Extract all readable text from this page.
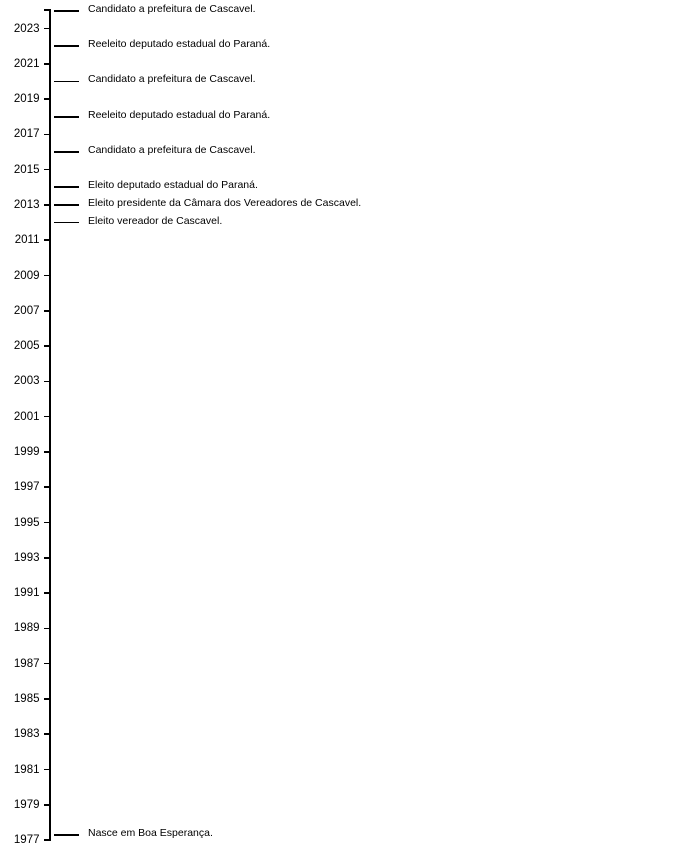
2023
2021
2019
2017
2015
2013
2011
2009
2007
2005
2003
2001
1999
1997
1995
1993
1991
1989
1987
1985
1983
1981
1979
1977
Candidato a prefeitura de Cascavel.
Reeleito deputado estadual do Paraná.
Candidato a prefeitura de Cascavel.
Reeleito deputado estadual do Paraná.
Candidato a prefeitura de Cascavel.
Eleito deputado estadual do Paraná.
Eleito presidente da Câmara dos Vereadores de Cascavel.
Eleito vereador de Cascavel.
Nasce em Boa Esperança.
